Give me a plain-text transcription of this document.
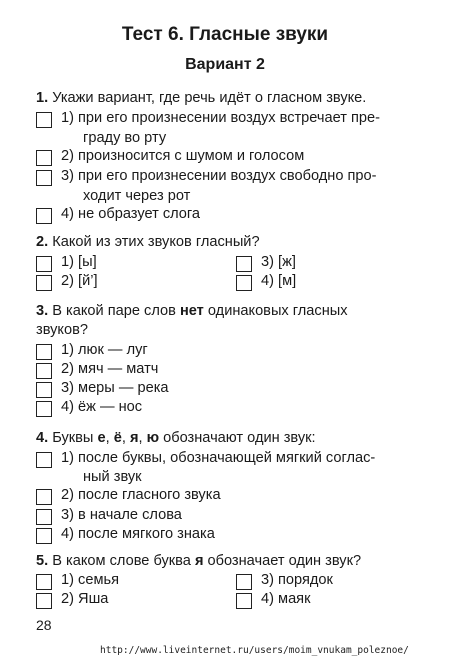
Тест 6. Гласные звуки
Вариант 2
1. Укажи вариант, где речь идёт о гласном звуке.
1) при его произнесении воздух встречает пре-
граду во рту
2) произносится с шумом и голосом
3) при его произнесении воздух свободно про-
ходит через рот
4) не образует слога
2. Какой из этих звуков гласный?
1) [ы]
2) [й’]
3) [ж]
4) [м]
3. В какой паре слов нет одинаковых гласных
звуков?
1) люк — луг
2) мяч — матч
3) меры — река
4) ёж — нос
4. Буквы е, ё, я, ю обозначают один звук:
1) после буквы, обозначающей мягкий соглас-
ный звук
2) после гласного звука
3) в начале слова
4) после мягкого знака
5. В каком слове буква я обозначает один звук?
1) семья
2) Яша
3) порядок
4) маяк
28
http://www.liveinternet.ru/users/moim_vnukam_poleznoe/
